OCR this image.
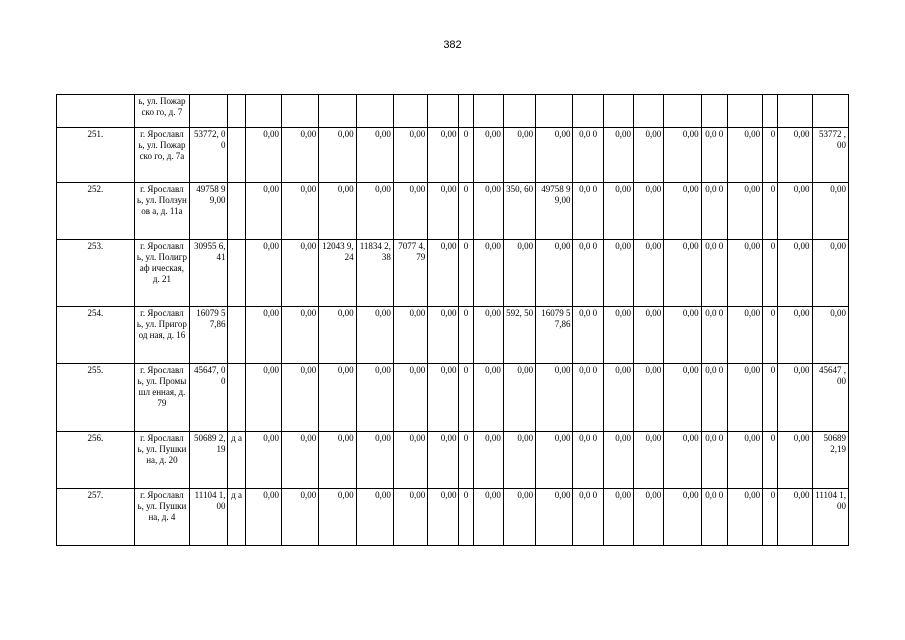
382
	ь, ул. Пожарско го, д. 7																					
251.	г. Ярославл ь, ул. Пожарско го, д. 7а	53772, 00		0,00	0,00	0,00	0,00	0,00	0,00	0	0,00	0,00	0,00	0,0 0	0,00	0,00	0,00	0,0 0	0,00	0	0,00	53772 ,00
252.	г. Ярославл ь, ул. Ползунов а, д. 11а	49758 99,00		0,00	0,00	0,00	0,00	0,00	0,00	0	0,00	350, 60	49758 99,00	0,0 0	0,00	0,00	0,00	0,0 0	0,00	0	0,00	0,00
253.	г. Ярославл ь, ул. Полиграф ическая, д. 21	30955 6,41		0,00	0,00	12043 9,24	11834 2,38	7077 4,79	0,00	0	0,00	0,00	0,00	0,0 0	0,00	0,00	0,00	0,0 0	0,00	0	0,00	0,00
254.	г. Ярославл ь, ул. Пригород ная, д. 16	16079 57,86		0,00	0,00	0,00	0,00	0,00	0,00	0	0,00	592, 50	16079 57,86	0,0 0	0,00	0,00	0,00	0,0 0	0,00	0	0,00	0,00
255.	г. Ярославл ь, ул. Промышл енная, д. 79	45647, 00		0,00	0,00	0,00	0,00	0,00	0,00	0	0,00	0,00	0,00	0,0 0	0,00	0,00	0,00	0,0 0	0,00	0	0,00	45647 ,00
256.	г. Ярославл ь, ул. Пушкина, д. 20	50689 2,19	д а	0,00	0,00	0,00	0,00	0,00	0,00	0	0,00	0,00	0,00	0,0 0	0,00	0,00	0,00	0,0 0	0,00	0	0,00	50689 2,19
257.	г. Ярославл ь, ул. Пушкина, д. 4	11104 1,00	д а	0,00	0,00	0,00	0,00	0,00	0,00	0	0,00	0,00	0,00	0,0 0	0,00	0,00	0,00	0,0 0	0,00	0	0,00	11104 1,00
